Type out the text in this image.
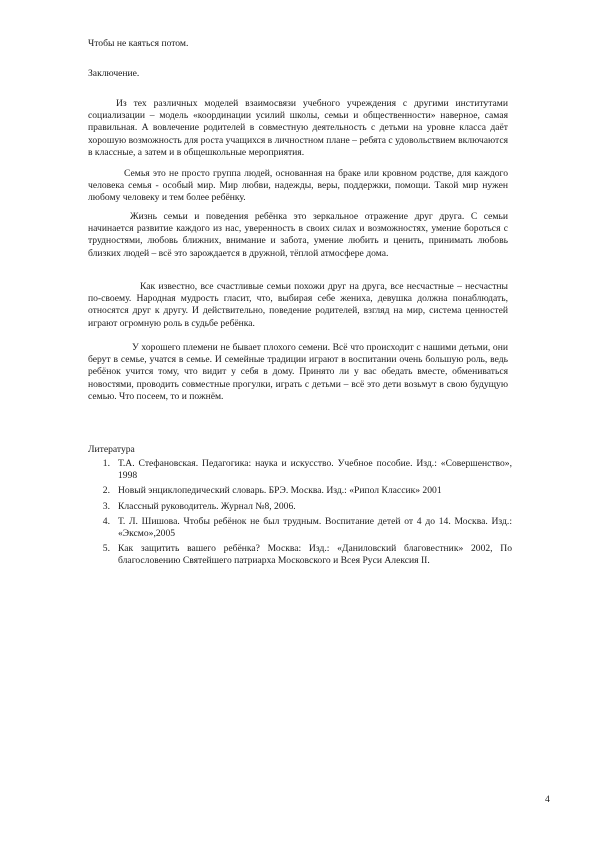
Чтобы не каяться потом.

Заключение.

Из тех различных моделей взаимосвязи учебного учреждения с другими институтами социализации – модель «координации усилий школы, семьи и общественности» наверное, самая правильная. А вовлечение родителей в совместную деятельность с детьми на уровне класса даёт хорошую возможность для роста учащихся в личностном плане – ребята с удовольствием включаются в классные, а затем и в общешкольные мероприятия.

Семья это не просто группа людей, основанная на браке или кровном родстве, для каждого человека семья - особый мир. Мир любви, надежды, веры, поддержки, помощи. Такой мир нужен любому человеку и тем более ребёнку.

Жизнь семьи и поведения ребёнка это зеркальное отражение друг друга. С семьи начинается развитие каждого из нас, уверенность в своих силах и возможностях, умение бороться с трудностями, любовь ближних, внимание и забота, умение любить и ценить, принимать любовь близких людей – всё это зарождается в дружной, тёплой атмосфере дома.

Как известно, все счастливые семьи похожи друг на друга, все несчастные – несчастны по-своему. Народная мудрость гласит, что, выбирая себе жениха, девушка должна понаблюдать, относятся друг к другу. И действительно, поведение родителей, взгляд на мир, система ценностей играют огромную роль в судьбе ребёнка.

У хорошего племени не бывает плохого семени. Всё что происходит с нашими детьми, они берут в семье, учатся в семье. И семейные традиции играют в воспитании очень большую роль, ведь ребёнок учится тому, что видит у себя в дому. Принято ли у вас обедать вместе, обмениваться новостями, проводить совместные прогулки, играть с детьми – всё это дети возьмут в свою будущую семью. Что посеем, то и пожнём.

Литература

1. Т.А. Стефановская. Педагогика: наука и искусство. Учебное пособие. Изд.: «Совершенство», 1998
2. Новый энциклопедический словарь. БРЭ. Москва. Изд.: «Рипол Классик» 2001
3. Классный руководитель. Журнал №8, 2006.
4. Т. Л. Шишова. Чтобы ребёнок не был трудным. Воспитание детей от 4 до 14. Москва. Изд.: «Эксмо»,2005
5. Как защитить вашего ребёнка? Москва: Изд.: «Даниловский благовестник» 2002, По благословению Святейшего патриарха Московского и Всея Руси Алексия II.
4
